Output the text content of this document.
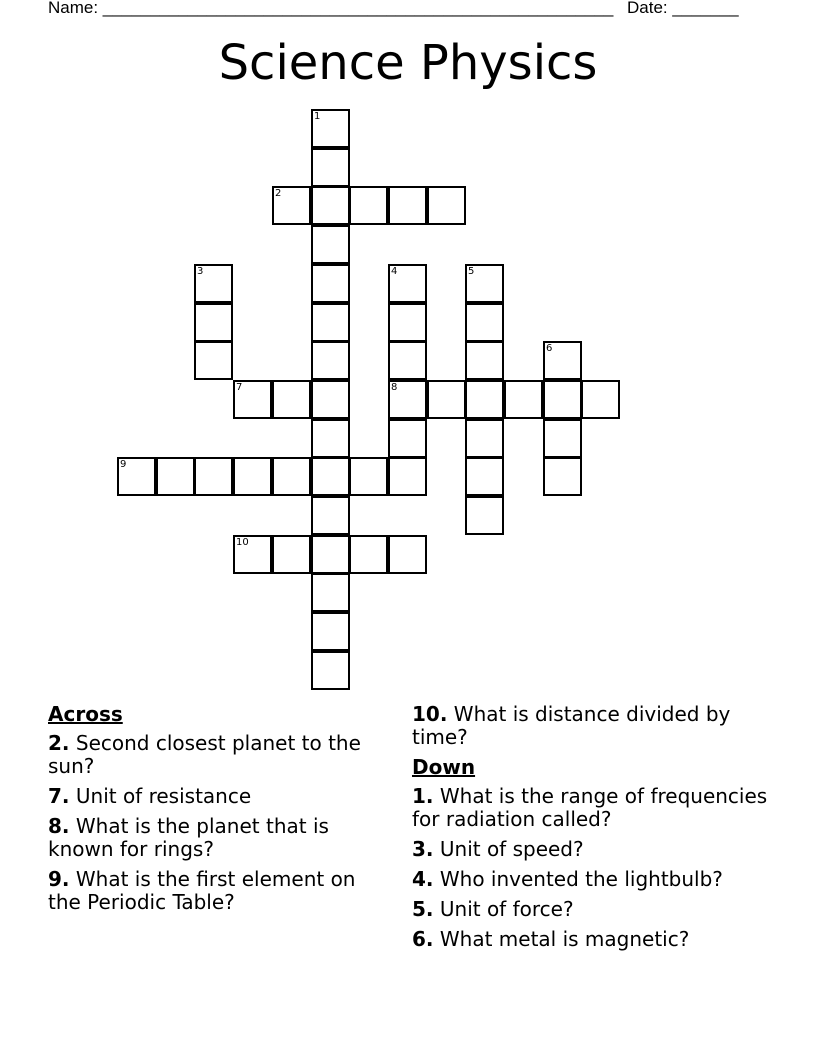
Name: ______________________________________________________ Date: _______
Science Physics
1
2
3	4	5
6
7	8
9
10
Across
2. Second closest planet to the sun?
7. Unit of resistance
8. What is the planet that is known for rings?
9. What is the first element on the Periodic Table?
10. What is distance divided by time?
Down
1. What is the range of frequencies for radiation called?
3. Unit of speed?
4. Who invented the lightbulb?
5. Unit of force?
6. What metal is magnetic?
